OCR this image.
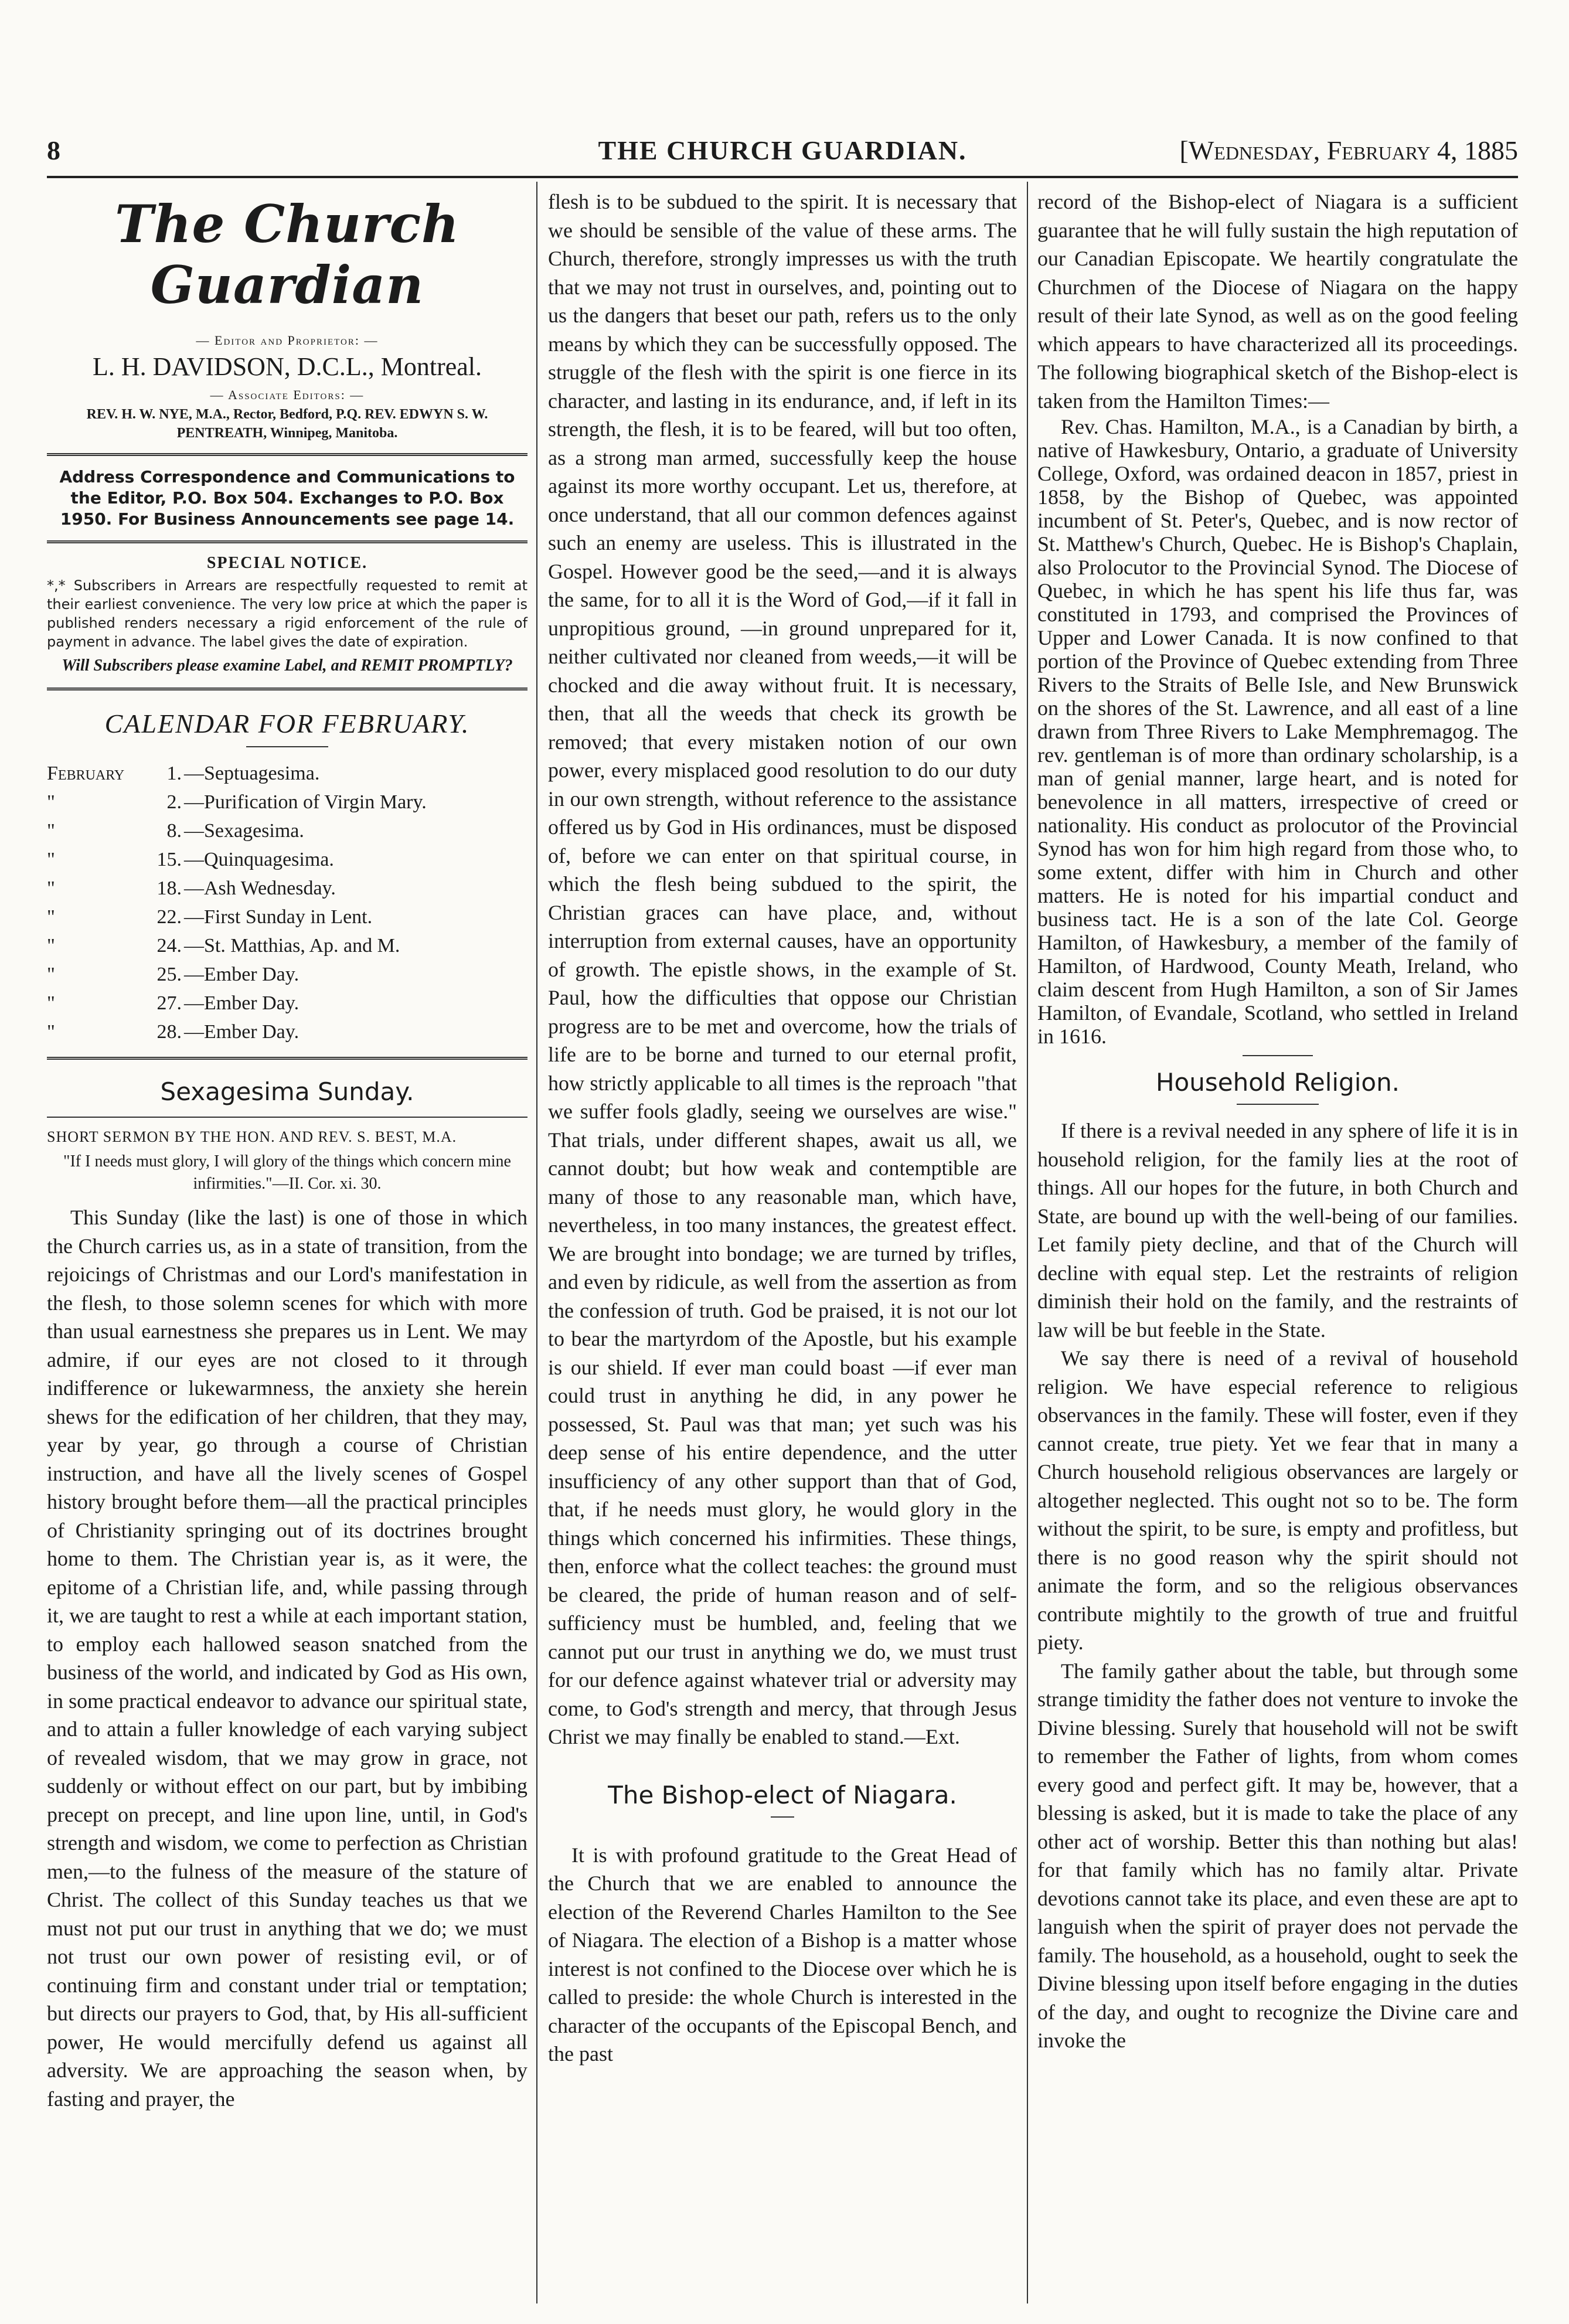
8	THE CHURCH GUARDIAN.	[Wednesday, February 4, 1885
The Church Guardian
— Editor and Proprietor: —
L. H. DAVIDSON, D.C.L., Montreal.
— Associate Editors: —

REV. H. W. NYE, M.A., Rector, Bedford, P.Q. REV. EDWYN S. W. PENTREATH, Winnipeg, Manitoba.

Address Correspondence and Communications to the Editor, P.O. Box 504. Exchanges to P.O. Box 1950. For Business Announcements see page 14.
SPECIAL NOTICE.
*,* Subscribers in Arrears are respectfully requested to remit at their earliest convenience. The very low price at which the paper is published renders necessary a rigid enforcement of the rule of payment in advance. The label gives the date of expiration.
Will Subscribers please examine Label, and REMIT PROMPTLY?
CALENDAR FOR FEBRUARY.
February	1. —Septuagesima.
"	2. —Purification of Virgin Mary.
"	8. —Sexagesima.
"	15. —Quinquagesima.
"	18. —Ash Wednesday.
"	22. —First Sunday in Lent.
"	24. —St. Matthias, Ap. and M.
"	25. —Ember Day.
"	27. —Ember Day.
"	28. —Ember Day.
Sexagesima Sunday.
SHORT SERMON BY THE HON. AND REV. S. BEST, M.A.

"If I needs must glory, I will glory of the things which concern mine infirmities."—II. Cor. xi. 30.

This Sunday (like the last) is one of those in which the Church carries us, as in a state of transition, from the rejoicings of Christmas and our Lord's manifestation in the flesh, to those solemn scenes for which with more than usual earnestness she prepares us in Lent. We may admire, if our eyes are not closed to it through indifference or lukewarmness, the anxiety she herein shews for the edification of her children, that they may, year by year, go through a course of Christian instruction, and have all the lively scenes of Gospel history brought before them—all the practical principles of Christianity springing out of its doctrines brought home to them. The Christian year is, as it were, the epitome of a Christian life, and, while passing through it, we are taught to rest a while at each important station, to employ each hallowed season snatched from the business of the world, and indicated by God as His own, in some practical endeavor to advance our spiritual state, and to attain a fuller knowledge of each varying subject of revealed wisdom, that we may grow in grace, not suddenly or without effect on our part, but by imbibing precept on precept, and line upon line, until, in God's strength and wisdom, we come to perfection as Christian men,—to the fulness of the measure of the stature of Christ. The collect of this Sunday teaches us that we must not put our trust in anything that we do; we must not trust our own power of resisting evil, or of continuing firm and constant under trial or temptation; but directs our prayers to God, that, by His all-sufficient power, He would mercifully defend us against all adversity. We are approaching the season when, by fasting and prayer, the

flesh is to be subdued to the spirit. It is necessary that we should be sensible of the value of these arms. The Church, therefore, strongly impresses us with the truth that we may not trust in ourselves, and, pointing out to us the dangers that beset our path, refers us to the only means by which they can be successfully opposed. The struggle of the flesh with the spirit is one fierce in its character, and lasting in its endurance, and, if left in its strength, the flesh, it is to be feared, will but too often, as a strong man armed, successfully keep the house against its more worthy occupant. Let us, therefore, at once understand, that all our common defences against such an enemy are useless. This is illustrated in the Gospel. However good be the seed,—and it is always the same, for to all it is the Word of God,—if it fall in unpropitious ground, —in ground unprepared for it, neither cultivated nor cleaned from weeds,—it will be chocked and die away without fruit. It is necessary, then, that all the weeds that check its growth be removed; that every mistaken notion of our own power, every misplaced good resolution to do our duty in our own strength, without reference to the assistance offered us by God in His ordinances, must be disposed of, before we can enter on that spiritual course, in which the flesh being subdued to the spirit, the Christian graces can have place, and, without interruption from external causes, have an opportunity of growth. The epistle shows, in the example of St. Paul, how the difficulties that oppose our Christian progress are to be met and overcome, how the trials of life are to be borne and turned to our eternal profit, how strictly applicable to all times is the reproach "that we suffer fools gladly, seeing we ourselves are wise." That trials, under different shapes, await us all, we cannot doubt; but how weak and contemptible are many of those to any reasonable man, which have, nevertheless, in too many instances, the greatest effect. We are brought into bondage; we are turned by trifles, and even by ridicule, as well from the assertion as from the confession of truth. God be praised, it is not our lot to bear the martyrdom of the Apostle, but his example is our shield. If ever man could boast —if ever man could trust in anything he did, in any power he possessed, St. Paul was that man; yet such was his deep sense of his entire dependence, and the utter insufficiency of any other support than that of God, that, if he needs must glory, he would glory in the things which concerned his infirmities. These things, then, enforce what the collect teaches: the ground must be cleared, the pride of human reason and of self-sufficiency must be humbled, and, feeling that we cannot put our trust in anything we do, we must trust for our defence against whatever trial or adversity may come, to God's strength and mercy, that through Jesus Christ we may finally be enabled to stand.—Ext.

The Bishop-elect of Niagara.

It is with profound gratitude to the Great Head of the Church that we are enabled to announce the election of the Reverend Charles Hamilton to the See of Niagara. The election of a Bishop is a matter whose interest is not confined to the Diocese over which he is called to preside: the whole Church is interested in the character of the occupants of the Episcopal Bench, and the past

record of the Bishop-elect of Niagara is a sufficient guarantee that he will fully sustain the high reputation of our Canadian Episcopate. We heartily congratulate the Churchmen of the Diocese of Niagara on the happy result of their late Synod, as well as on the good feeling which appears to have characterized all its proceedings. The following biographical sketch of the Bishop-elect is taken from the Hamilton Times:—

Rev. Chas. Hamilton, M.A., is a Canadian by birth, a native of Hawkesbury, Ontario, a graduate of University College, Oxford, was ordained deacon in 1857, priest in 1858, by the Bishop of Quebec, was appointed incumbent of St. Peter's, Quebec, and is now rector of St. Matthew's Church, Quebec. He is Bishop's Chaplain, also Prolocutor to the Provincial Synod. The Diocese of Quebec, in which he has spent his life thus far, was constituted in 1793, and comprised the Provinces of Upper and Lower Canada. It is now confined to that portion of the Province of Quebec extending from Three Rivers to the Straits of Belle Isle, and New Brunswick on the shores of the St. Lawrence, and all east of a line drawn from Three Rivers to Lake Memphremagog. The rev. gentleman is of more than ordinary scholarship, is a man of genial manner, large heart, and is noted for benevolence in all matters, irrespective of creed or nationality. His conduct as prolocutor of the Provincial Synod has won for him high regard from those who, to some extent, differ with him in Church and other matters. He is noted for his impartial conduct and business tact. He is a son of the late Col. George Hamilton, of Hawkesbury, a member of the family of Hamilton, of Hardwood, County Meath, Ireland, who claim descent from Hugh Hamilton, a son of Sir James Hamilton, of Evandale, Scotland, who settled in Ireland in 1616.

Household Religion.

If there is a revival needed in any sphere of life it is in household religion, for the family lies at the root of things. All our hopes for the future, in both Church and State, are bound up with the well-being of our families. Let family piety decline, and that of the Church will decline with equal step. Let the restraints of religion diminish their hold on the family, and the restraints of law will be but feeble in the State.

We say there is need of a revival of household religion. We have especial reference to religious observances in the family. These will foster, even if they cannot create, true piety. Yet we fear that in many a Church household religious observances are largely or altogether neglected. This ought not so to be. The form without the spirit, to be sure, is empty and profitless, but there is no good reason why the spirit should not animate the form, and so the religious observances contribute mightily to the growth of true and fruitful piety.

The family gather about the table, but through some strange timidity the father does not venture to invoke the Divine blessing. Surely that household will not be swift to remember the Father of lights, from whom comes every good and perfect gift. It may be, however, that a blessing is asked, but it is made to take the place of any other act of worship. Better this than nothing but alas! for that family which has no family altar. Private devotions cannot take its place, and even these are apt to languish when the spirit of prayer does not pervade the family. The household, as a household, ought to seek the Divine blessing upon itself before engaging in the duties of the day, and ought to recognize the Divine care and invoke the
